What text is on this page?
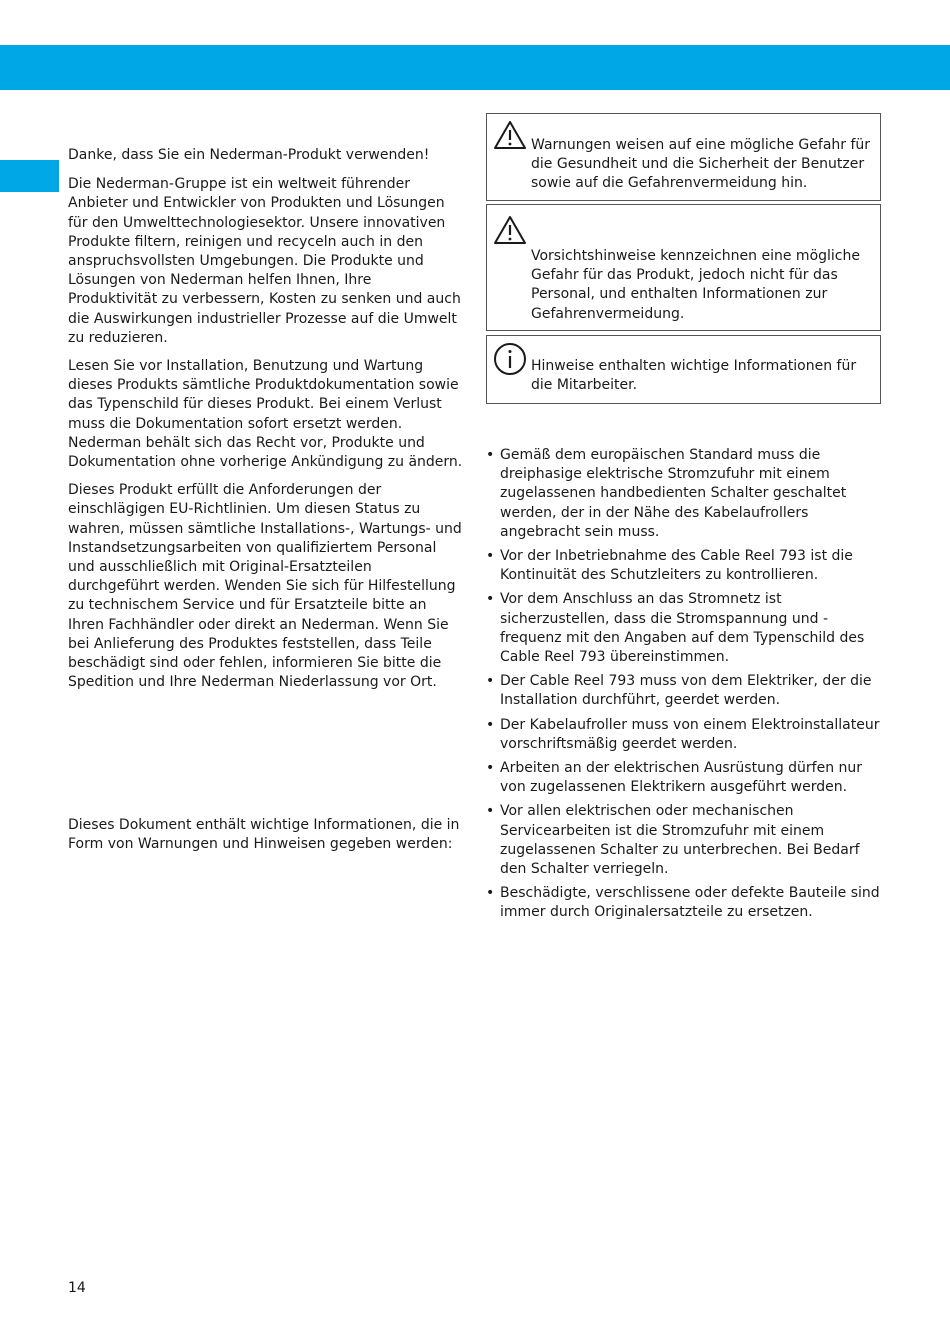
Danke, dass Sie ein Nederman-Produkt verwenden!

Die Nederman-Gruppe ist ein weltweit führender Anbieter und Entwickler von Produkten und Lösungen für den Umwelttechnologiesektor. Unsere innovativen Produkte filtern, reinigen und recyceln auch in den anspruchsvollsten Umgebungen. Die Produkte und Lösungen von Nederman helfen Ihnen, Ihre Produktivität zu verbessern, Kosten zu senken und auch die Auswirkungen industrieller Prozesse auf die Umwelt zu reduzieren.

Lesen Sie vor Installation, Benutzung und Wartung dieses Produkts sämtliche Produktdokumentation sowie das Typenschild für dieses Produkt. Bei einem Verlust muss die Dokumentation sofort ersetzt werden. Nederman behält sich das Recht vor, Produkte und Dokumentation ohne vorherige Ankündigung zu ändern.

Dieses Produkt erfüllt die Anforderungen der einschlägigen EU-Richtlinien. Um diesen Status zu wahren, müssen sämtliche Installations-, Wartungs- und Instandsetzungsarbeiten von qualifiziertem Personal und ausschließlich mit Original-Ersatzteilen durchgeführt werden. Wenden Sie sich für Hilfestellung zu technischem Service und für Ersatzteile bitte an Ihren Fachhändler oder direkt an Nederman. Wenn Sie bei Anlieferung des Produktes feststellen, dass Teile beschädigt sind oder fehlen, informieren Sie bitte die Spedition und Ihre Nederman Niederlassung vor Ort.

Dieses Dokument enthält wichtige Informationen, die in Form von Warnungen und Hinweisen gegeben werden:

Warnungen weisen auf eine mögliche Gefahr für die Gesundheit und die Sicherheit der Benutzer sowie auf die Gefahrenvermeidung hin.

Vorsichtshinweise kennzeichnen eine mögliche Gefahr für das Produkt, jedoch nicht für das Personal, und enthalten Informationen zur Gefahrenvermeidung.

Hinweise enthalten wichtige Informationen für die Mitarbeiter.

• Gemäß dem europäischen Standard muss die dreiphasige elektrische Stromzufuhr mit einem zugelassenen handbedienten Schalter geschaltet werden, der in der Nähe des Kabelaufrollers angebracht sein muss.
• Vor der Inbetriebnahme des Cable Reel 793 ist die Kontinuität des Schutzleiters zu kontrollieren.
• Vor dem Anschluss an das Stromnetz ist sicherzustellen, dass die Stromspannung und -frequenz mit den Angaben auf dem Typenschild des Cable Reel 793 übereinstimmen.
• Der Cable Reel 793 muss von dem Elektriker, der die Installation durchführt, geerdet werden.
• Der Kabelaufroller muss von einem Elektroinstallateur vorschriftsmäßig geerdet werden.
• Arbeiten an der elektrischen Ausrüstung dürfen nur von zugelassenen Elektrikern ausgeführt werden.
• Vor allen elektrischen oder mechanischen Servicearbeiten ist die Stromzufuhr mit einem zugelassenen Schalter zu unterbrechen. Bei Bedarf den Schalter verriegeln.
• Beschädigte, verschlissene oder defekte Bauteile sind immer durch Originalersatzteile zu ersetzen.
14
